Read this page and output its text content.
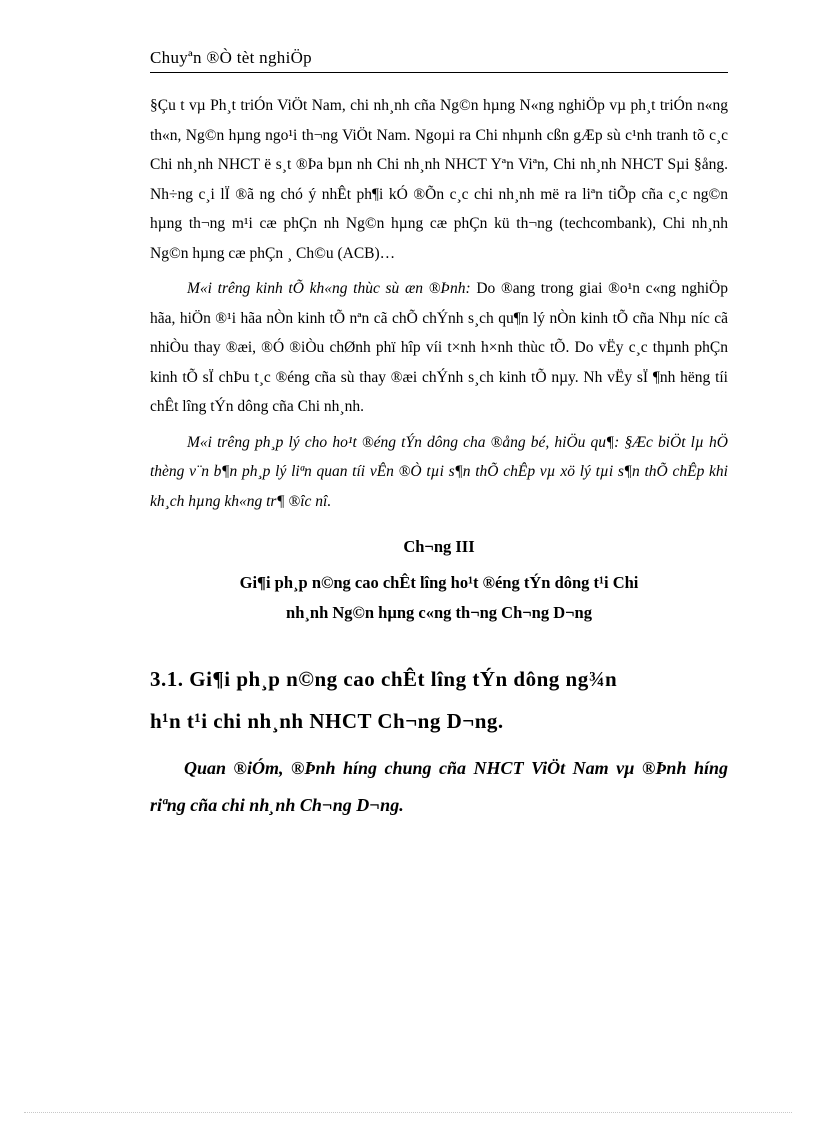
Chuyªn ®Ò tèt nghiÖp

§Çu t vµ Ph¸t triÓn ViÖt Nam, chi nh¸nh cña Ng©n hµng N«ng nghiÖp vµ ph¸t triÓn n«ng th«n, Ng©n hµng ngo¹i th¬ng ViÖt Nam. Ngoµi ra Chi nhµnh cßn gÆp sù c¹nh tranh tõ c¸c Chi nh¸nh NHCT ë s¸t ®Þa bµn nh Chi nh¸nh NHCT Yªn Viªn, Chi nh¸nh NHCT Sµi §ång. Nh÷ng c¸i lÏ ®ã ng chó ý nhÊt ph¶i kÓ ®Õn c¸c chi nh¸nh më ra liªn tiÕp cña c¸c ng©n hµng th¬ng m¹i cæ phÇn nh Ng©n hµng cæ phÇn kü th¬ng (techcombank), Chi nh¸nh Ng©n hµng cæ phÇn ¸ Ch©u (ACB)…

M«i trêng kinh tÕ kh«ng thùc sù æn ®Þnh: Do ®ang trong giai ®o¹n c«ng nghiÖp hãa, hiÖn ®¹i hãa nÒn kinh tÕ nªn cã chÕ chÝnh s¸ch qu¶n lý nÒn kinh tÕ cña Nhµ níc cã nhiÒu thay ®æi, ®Ó ®iÒu chØnh phï hîp víi t×nh h×nh thùc tÕ. Do vËy c¸c thµnh phÇn kinh tÕ sÏ chÞu t¸c ®éng cña sù thay ®æi chÝnh s¸ch kinh tÕ nµy. Nh vËy sÏ ¶nh hëng tíi chÊt lîng tÝn dông cña Chi nh¸nh.

M«i trêng ph¸p lý cho ho¹t ®éng tÝn dông cha ®ång bé, hiÖu qu¶: §Æc biÖt lµ hÖ thèng v¨n b¶n ph¸p lý liªn quan tíi vÊn ®Ò tµi s¶n thÕ chÊp vµ xö lý tµi s¶n thÕ chÊp khi kh¸ch hµng kh«ng tr¶ ®îc nî.

Ch¬ng III
Gi¶i ph¸p n©ng cao chÊt lîng ho¹t ®éng tÝn dông t¹i Chi
nh¸nh Ng©n hµng c«ng th¬ng Ch¬ng D¬ng
3.1. Gi¶i ph¸p n©ng cao chÊt lîng tÝn dông ng¾n
h¹n t¹i chi nh¸nh NHCT Ch¬ng D¬ng.
Quan ®iÓm, ®Þnh híng chung cña NHCT ViÖt Nam vµ ®Þnh híng riªng cña chi nh¸nh Ch¬ng D¬ng.
